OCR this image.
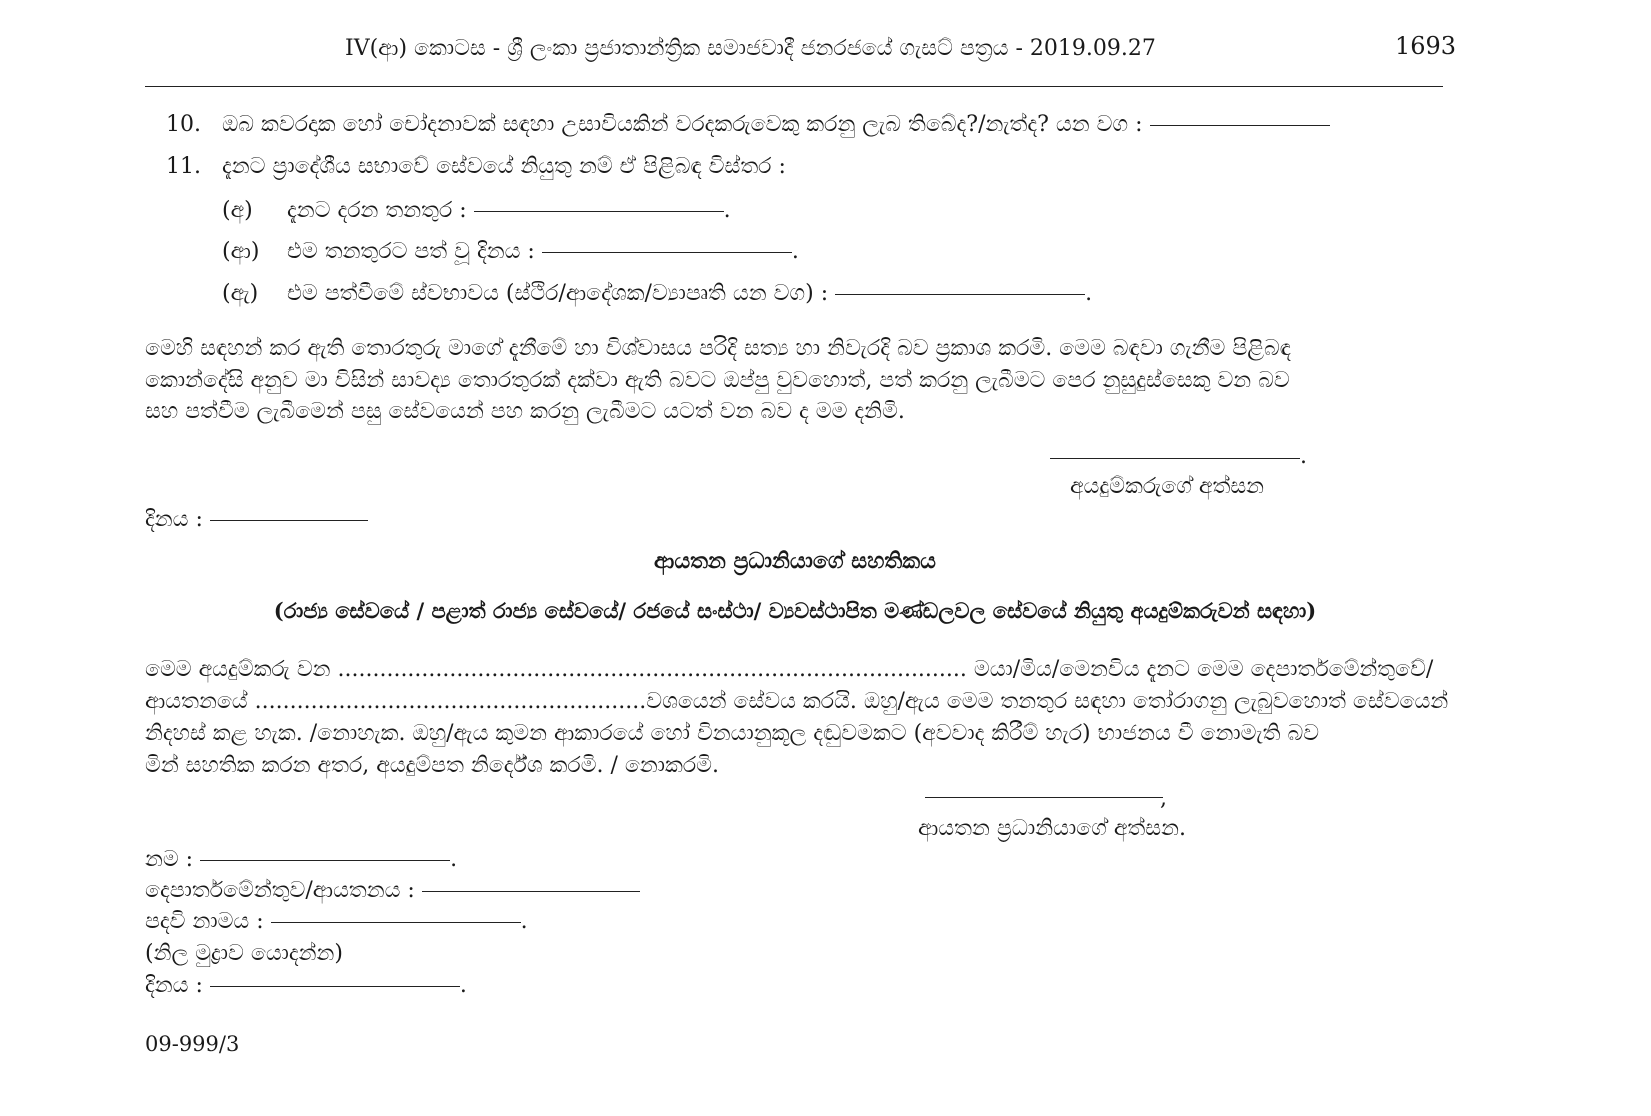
IV(ආ) කොටස - ශ්‍රී ලංකා ප්‍රජාතාන්ත්‍රික සමාජවාදී ජනරජයේ ගැසට් පත්‍රය - 2019.09.27	1693
10. ඔබ කවරදාක හෝ චෝදනාවක් සඳහා උසාවියකින් වරදකරුවෙකු කරනු ලැබ තිබේද?/නැත්ද? යන වග :
11. දැනට ප්‍රාදේශීය සභාවේ සේවයේ නියුතු නම් ඒ පිළිබඳ විස්තර :
(අ) දැනට දරන තනතුර :	.
(ආ) එම තනතුරට පත් වූ දිනය :	.
(ඇ) එම පත්වීමේ ස්වභාවය (ස්ථිර/ආදේශක/ව්‍යාපෘති යන වග) :	.
මෙහි සඳහන් කර ඇති තොරතුරු මාගේ දැනීමේ හා විශ්වාසය පරිදි සත්‍ය හා නිවැරදි බව ප්‍රකාශ කරමි. මෙම බඳවා ගැනීම පිළිබඳ
කොන්දේසි අනුව මා විසින් සාවද්‍ය තොරතුරක් දක්වා ඇති බවට ඔප්පු වුවහොත්, පත් කරනු ලැබීමට පෙර නුසුදුස්සෙකු වන බව
සහ පත්වීම ලැබීමෙන් පසු සේවයෙන් පහ කරනු ලැබීමට යටත් වන බව ද මම දනිමි.
.
අයදුම්කරුගේ අත්සන
දිනය :
ආයතන ප්‍රධානියාගේ සහතිකය
(රාජ්‍ය සේවයේ / පළාත් රාජ්‍ය සේවයේ/ රජයේ සංස්ථා/ ව්‍යවස්ථාපිත මණ්ඩලවල සේවයේ නියුතු අයදුම්කරුවන් සඳහා)
මෙම අයදුම්කරු වන .......................................................................................... මයා/මිය/මෙනවිය දැනට මෙම දෙපාර්තමේන්තුවේ/
ආයතනයේ ........................................................වශයෙන් සේවය කරයි. ඔහු/ඇය මෙම තනතුර සඳහා තෝරාගනු ලැබුවහොත් සේවයෙන්
නිදහස් කළ හැක. /නොහැක. ඔහු/ඇය කුමන ආකාරයේ හෝ විනයානුකූල දඬුවමකට (අවවාද කිරීම් හැර) භාජනය වී නොමැති බව
මින් සහතික කරන අතර, අයදුම්පත නිර්දේශ කරමි. / නොකරමි.
,
ආයතන ප්‍රධානියාගේ අත්සන.
නම :	.
දෙපාර්තමේන්තුව/ආයතනය :
පදවි නාමය :	.
(නිල මුද්‍රාව යොදන්න)
දිනය :	.
09-999/3
